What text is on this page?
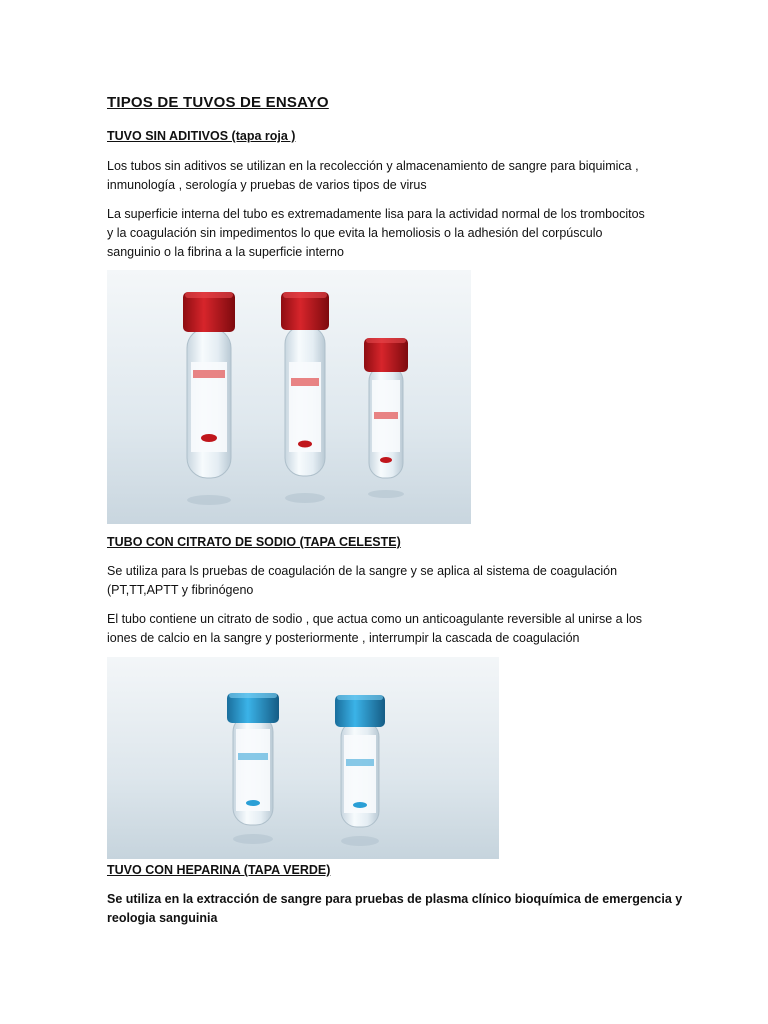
TIPOS DE TUVOS DE ENSAYO
TUVO SIN ADITIVOS (tapa roja )
Los tubos sin aditivos se utilizan en la recolección y almacenamiento de sangre para biquimica ,
inmunología , serología y pruebas de varios tipos de virus
La superficie interna del tubo es extremadamente lisa para la actividad normal de los trombocitos
y la coagulación sin impedimentos lo que evita la hemoliosis o la adhesión del corpúsculo
sanguinio o la fibrina a la superficie interno
TUBO CON CITRATO DE SODIO (TAPA CELESTE)
Se utiliza para ls pruebas de coagulación de la sangre y se aplica al sistema de coagulación
(PT,TT,APTT y fibrinógeno
El tubo contiene un citrato de sodio , que actua como un anticoagulante reversible al unirse a los
iones de calcio en la sangre y posteriormente , interrumpir la cascada de coagulación
TUVO CON HEPARINA (TAPA VERDE)
Se utiliza en la extracción de sangre para pruebas de plasma clínico bioquímica de emergencia y
reologia sanguinia
